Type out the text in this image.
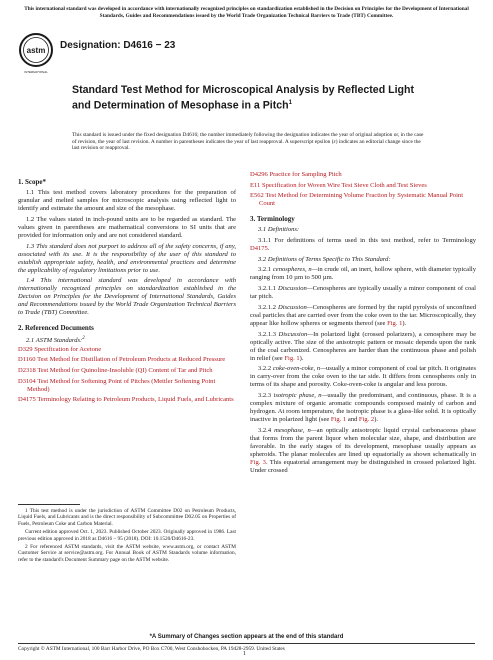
This international standard was developed in accordance with internationally recognized principles on standardization established in the Decision on Principles for the Development of International Standards, Guides and Recommendations issued by the World Trade Organization Technical Barriers to Trade (TBT) Committee.

astm
INTERNATIONAL

Designation: D4616 − 23

Standard Test Method for Microscopical Analysis by Reflected Light and Determination of Mesophase in a Pitch$^1$

This standard is issued under the fixed designation D4616; the number immediately following the designation indicates the year of original adoption or, in the case of revision, the year of last revision. A number in parentheses indicates the year of last reapproval. A superscript epsilon (ε) indicates an editorial change since the last revision or reapproval.

1. Scope*

1.1 This test method covers laboratory procedures for the preparation of granular and melted samples for microscopic analysis using reflected light to identify and estimate the amount and size of the mesophase.

1.2 The values stated in inch-pound units are to be regarded as standard. The values given in parentheses are mathematical conversions to SI units that are provided for information only and are not considered standard.

1.3 This standard does not purport to address all of the safety concerns, if any, associated with its use. It is the responsibility of the user of this standard to establish appropriate safety, health, and environmental practices and determine the applicability of regulatory limitations prior to use.

1.4 This international standard was developed in accordance with internationally recognized principles on standardization established in the Decision on Principles for the Development of International Standards, Guides and Recommendations issued by the World Trade Organization Technical Barriers to Trade (TBT) Committee.

2. Referenced Documents

2.1 ASTM Standards:$^2$

D329 Specification for Acetone

D1160 Test Method for Distillation of Petroleum Products at Reduced Pressure

D2318 Test Method for Quinoline-Insoluble (QI) Content of Tar and Pitch

D3104 Test Method for Softening Point of Pitches (Mettler Softening Point Method)

D4175 Terminology Relating to Petroleum Products, Liquid Fuels, and Lubricants

1 This test method is under the jurisdiction of ASTM Committee D02 on Petroleum Products, Liquid Fuels, and Lubricants and is the direct responsibility of Subcommittee D02.05 on Properties of Fuels, Petroleum Coke and Carbon Material.

Current edition approved Oct. 1, 2023. Published October 2023. Originally approved in 1986. Last previous edition approved in 2018 as D4616 – 95 (2018). DOI: 10.1520/D4616-23.

2 For referenced ASTM standards, visit the ASTM website, www.astm.org, or contact ASTM Customer Service at service@astm.org. For Annual Book of ASTM Standards volume information, refer to the standard's Document Summary page on the ASTM website.

D4296 Practice for Sampling Pitch

E11 Specification for Woven Wire Test Sieve Cloth and Test Sieves

E562 Test Method for Determining Volume Fraction by Systematic Manual Point Count

3. Terminology

3.1 Definitions:

3.1.1 For definitions of terms used in this test method, refer to Terminology D4175.

3.2 Definitions of Terms Specific to This Standard:

3.2.1 cenospheres, n—in crude oil, an inert, hollow sphere, with diameter typically ranging from 10 µm to 500 µm.

3.2.1.1 Discussion—Cenospheres are typically usually a minor component of coal tar pitch.

3.2.1.2 Discussion—Cenospheres are formed by the rapid pyrolysis of unconfined coal particles that are carried over from the coke oven to the tar. Microscopically, they appear like hollow spheres or segments thereof (see Fig. 1).

3.2.1.3 Discussion—In polarized light (crossed polarizers), a cenosphere may be optically active. The size of the anisotropic pattern or mosaic depends upon the rank of the coal carbonized. Cenospheres are harder than the continuous phase and polish in relief (see Fig. 1).

3.2.2 coke-oven-coke, n—usually a minor component of coal tar pitch. It originates in carry-over from the coke oven to the tar side. It differs from cenospheres only in terms of its shape and porosity. Coke-oven-coke is angular and less porous.

3.2.3 isotropic phase, n—usually the predominant, and continuous, phase. It is a complex mixture of organic aromatic compounds composed mainly of carbon and hydrogen. At room temperature, the isotropic phase is a glass-like solid. It is optically inactive in polarized light (see Fig. 1 and Fig. 2).

3.2.4 mesophase, n—an optically anisotropic liquid crystal carbonaceous phase that forms from the parent liquor when molecular size, shape, and distribution are favorable. In the early stages of its development, mesophase usually appears as spheroids. The planar molecules are lined up equatorially as shown schematically in Fig. 3. This equatorial arrangement may be distinguished in crossed polarized light. Under crossed

*A Summary of Changes section appears at the end of this standard

Copyright © ASTM International, 100 Barr Harbor Drive, PO Box C700, West Conshohocken, PA 19428-2959. United States

1
